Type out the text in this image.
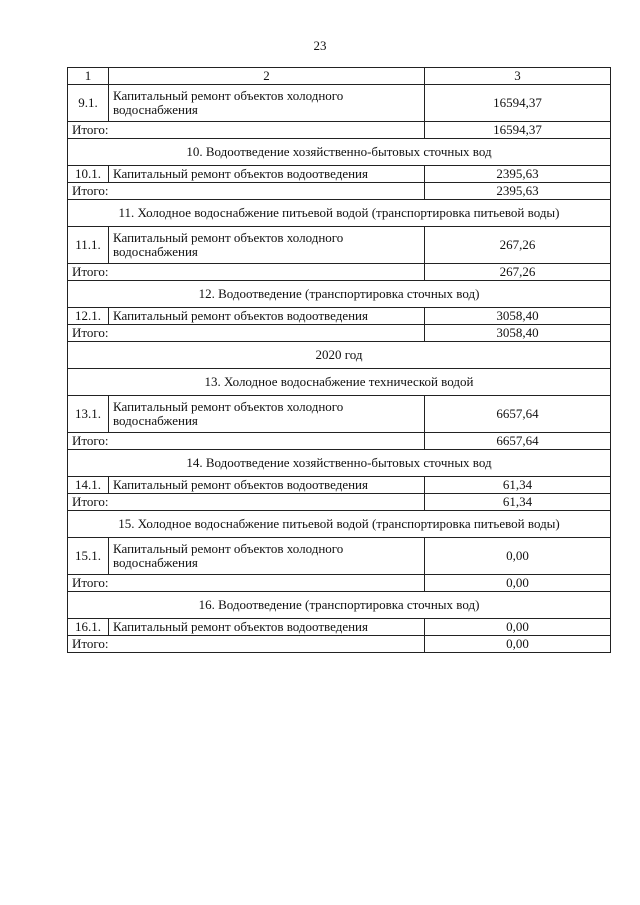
23
1	2	3
9.1.	Капитальный ремонт объектов холодного водоснабжения	16594,37
Итого:		16594,37
10. Водоотведение хозяйственно-бытовых сточных вод		
10.1.	Капитальный ремонт объектов водоотведения	2395,63
Итого:		2395,63
11. Холодное водоснабжение питьевой водой (транспортировка питьевой воды)		
11.1.	Капитальный ремонт объектов холодного водоснабжения	267,26
Итого:		267,26
12. Водоотведение (транспортировка сточных вод)		
12.1.	Капитальный ремонт объектов водоотведения	3058,40
Итого:		3058,40
2020 год		
13. Холодное водоснабжение технической водой		
13.1.	Капитальный ремонт объектов холодного водоснабжения	6657,64
Итого:		6657,64
14. Водоотведение хозяйственно-бытовых сточных вод		
14.1.	Капитальный ремонт объектов водоотведения	61,34
Итого:		61,34
15. Холодное водоснабжение питьевой водой (транспортировка питьевой воды)		
15.1.	Капитальный ремонт объектов холодного водоснабжения	0,00
Итого:		0,00
16. Водоотведение (транспортировка сточных вод)		
16.1.	Капитальный ремонт объектов водоотведения	0,00
Итого:		0,00
